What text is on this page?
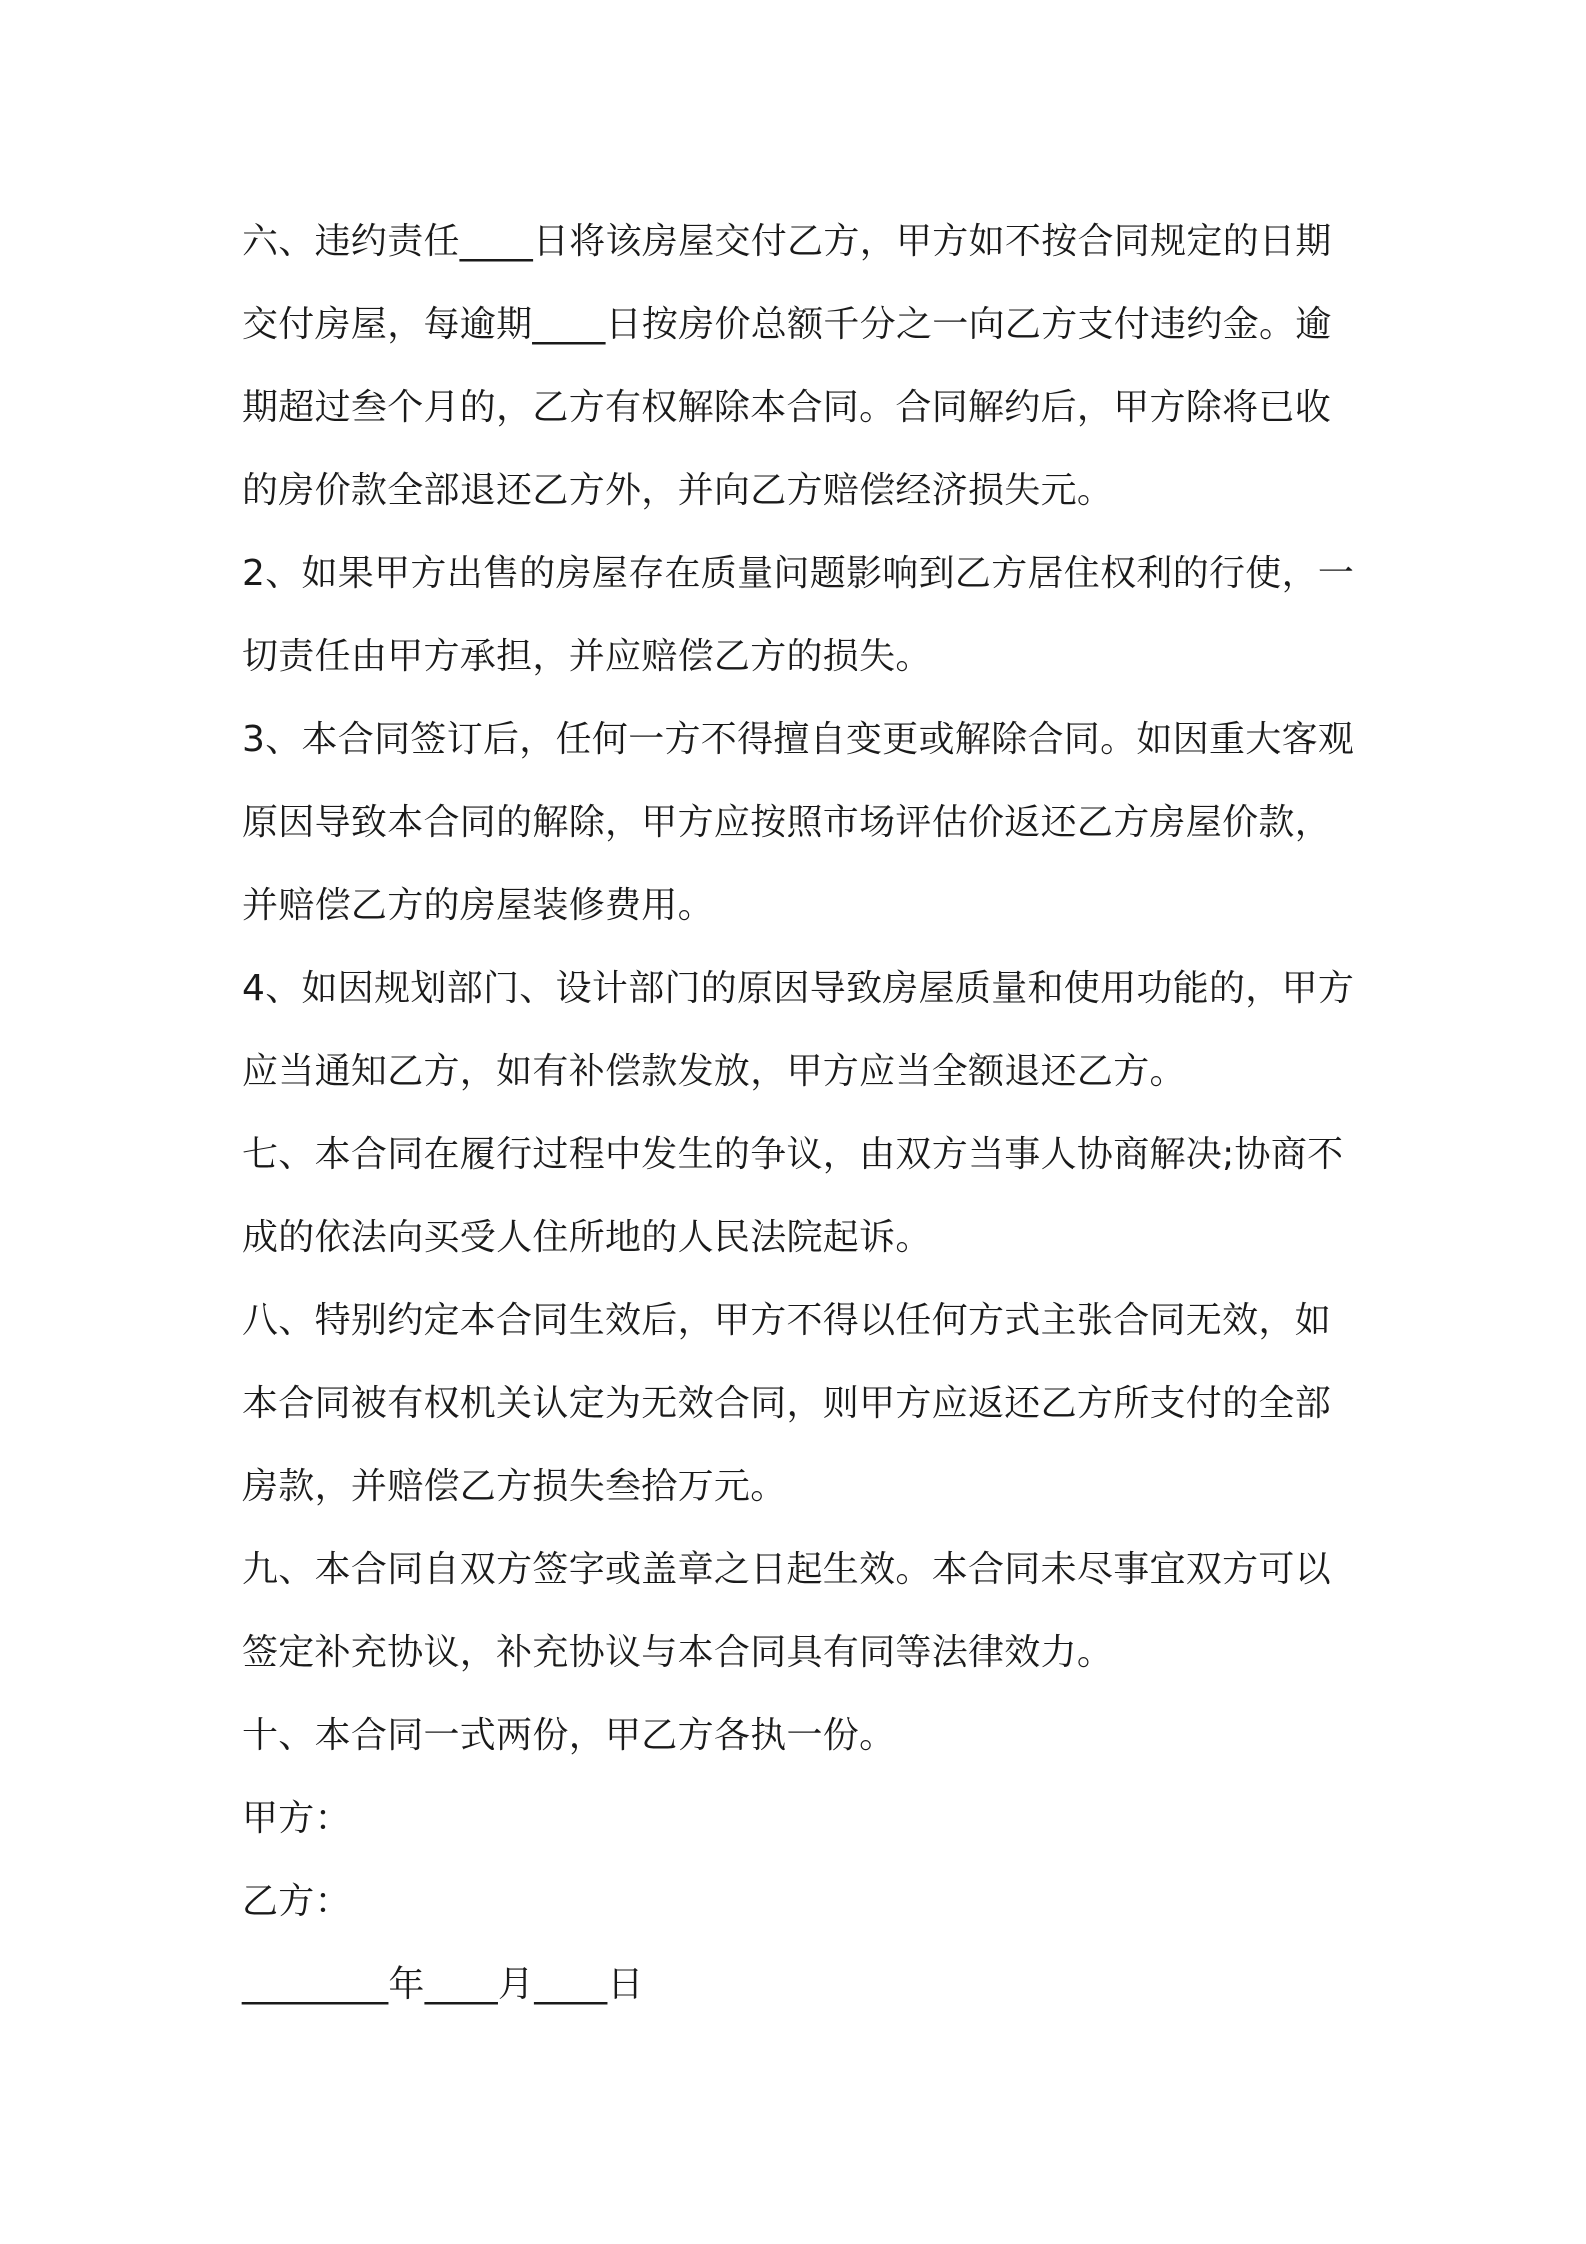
六、违约责任____日将该房屋交付乙方，甲方如不按合同规定的日期交付房屋，每逾期____日按房价总额千分之一向乙方支付违约金。逾期超过叁个月的，乙方有权解除本合同。合同解约后，甲方除将已收的房价款全部退还乙方外，并向乙方赔偿经济损失元。

2、如果甲方出售的房屋存在质量问题影响到乙方居住权利的行使，一切责任由甲方承担，并应赔偿乙方的损失。

3、本合同签订后，任何一方不得擅自变更或解除合同。如因重大客观原因导致本合同的解除，甲方应按照市场评估价返还乙方房屋价款，并赔偿乙方的房屋装修费用。

4、如因规划部门、设计部门的原因导致房屋质量和使用功能的，甲方应当通知乙方，如有补偿款发放，甲方应当全额退还乙方。

七、本合同在履行过程中发生的争议，由双方当事人协商解决;协商不成的依法向买受人住所地的人民法院起诉。

八、特别约定本合同生效后，甲方不得以任何方式主张合同无效，如本合同被有权机关认定为无效合同，则甲方应返还乙方所支付的全部房款，并赔偿乙方损失叁拾万元。

九、本合同自双方签字或盖章之日起生效。本合同未尽事宜双方可以签定补充协议，补充协议与本合同具有同等法律效力。

十、本合同一式两份，甲乙方各执一份。

甲方：

乙方：

________年____月____日
